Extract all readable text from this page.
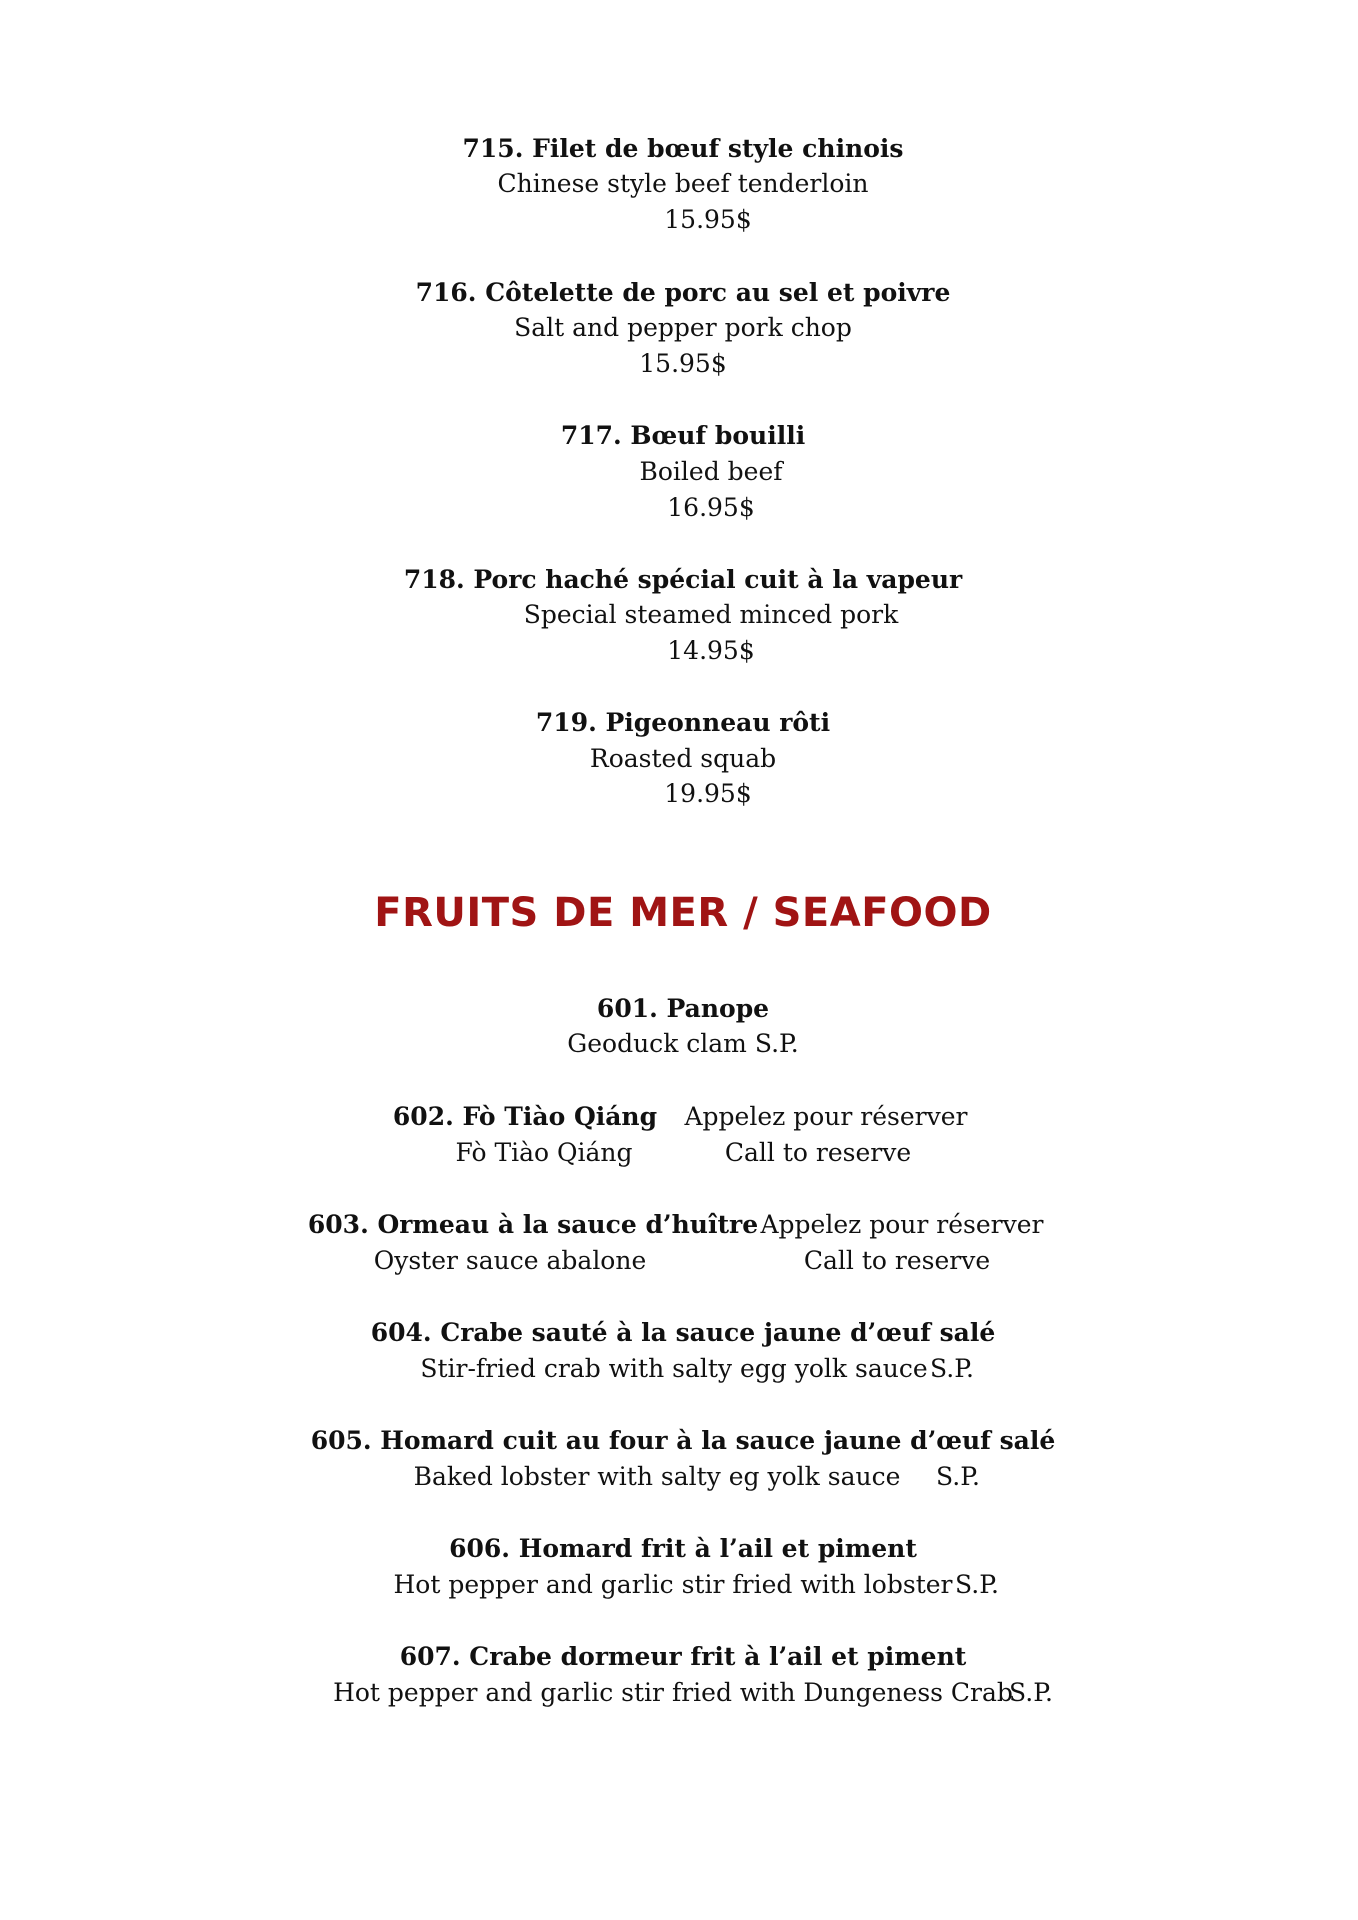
715. Filet de bœuf style chinois
Chinese style beef tenderloin
15.95$
716. Côtelette de porc au sel et poivre
Salt and pepper pork chop
15.95$
717. Bœuf bouilli
Boiled beef
16.95$
718. Porc haché spécial cuit à la vapeur
Special steamed minced pork
14.95$
719. Pigeonneau rôti
Roasted squab
19.95$
FRUITS DE MER / SEAFOOD
601. Panope
Geoduck clam S.P.
602. Fò Tiào Qiáng
Fò Tiào Qiáng
Appelez pour réserver
Call to reserve
603. Ormeau à la sauce d’huître
Oyster sauce abalone
Appelez pour réserver
Call to reserve
604. Crabe sauté à la sauce jaune d’œuf salé
Stir-fried crab with salty egg yolk sauce S.P.
605. Homard cuit au four à la sauce jaune d’œuf salé
Baked lobster with salty eg yolk sauce S.P.
606. Homard frit à l’ail et piment
Hot pepper and garlic stir fried with lobster S.P.
607. Crabe dormeur frit à l’ail et piment
Hot pepper and garlic stir fried with Dungeness Crab
S.P.
